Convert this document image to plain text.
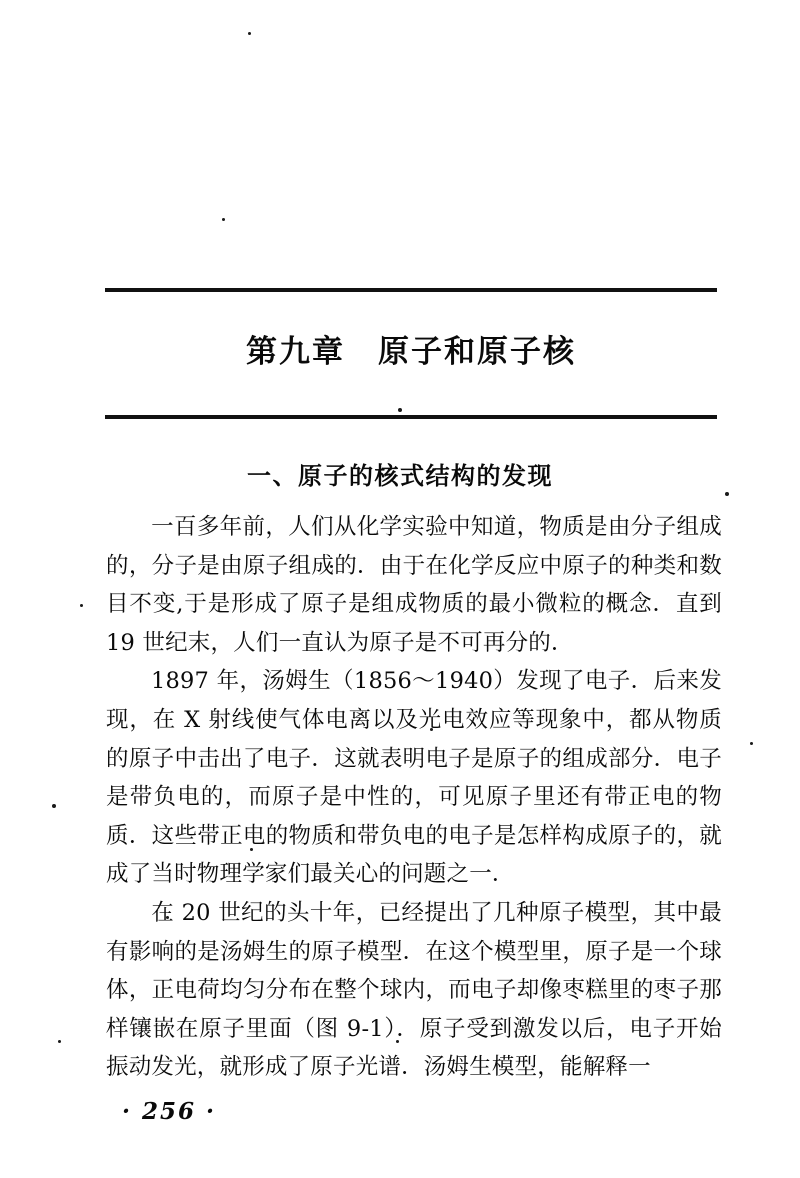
第九章　原子和原子核
一、原子的核式结构的发现

一百多年前，人们从化学实验中知道，物质是由分子组成的，分子是由原子组成的．由于在化学反应中原子的种类和数目不变,于是形成了原子是组成物质的最小微粒的概念．直到 19 世纪末，人们一直认为原子是不可再分的．

1897 年，汤姆生（1856～1940）发现了电子．后来发现，在 X 射线使气体电离以及光电效应等现象中，都从物质的原子中击出了电子．这就表明电子是原子的组成部分．电子是带负电的，而原子是中性的，可见原子里还有带正电的物质．这些带正电的物质和带负电的电子是怎样构成原子的，就成了当时物理学家们最关心的问题之一．

在 20 世纪的头十年，已经提出了几种原子模型，其中最有影响的是汤姆生的原子模型．在这个模型里，原子是一个球体，正电荷均匀分布在整个球内，而电子却像枣糕里的枣子那样镶嵌在原子里面（图 9-1）．原子受到激发以后，电子开始振动发光，就形成了原子光谱．汤姆生模型，能解释一

· 256 ·
